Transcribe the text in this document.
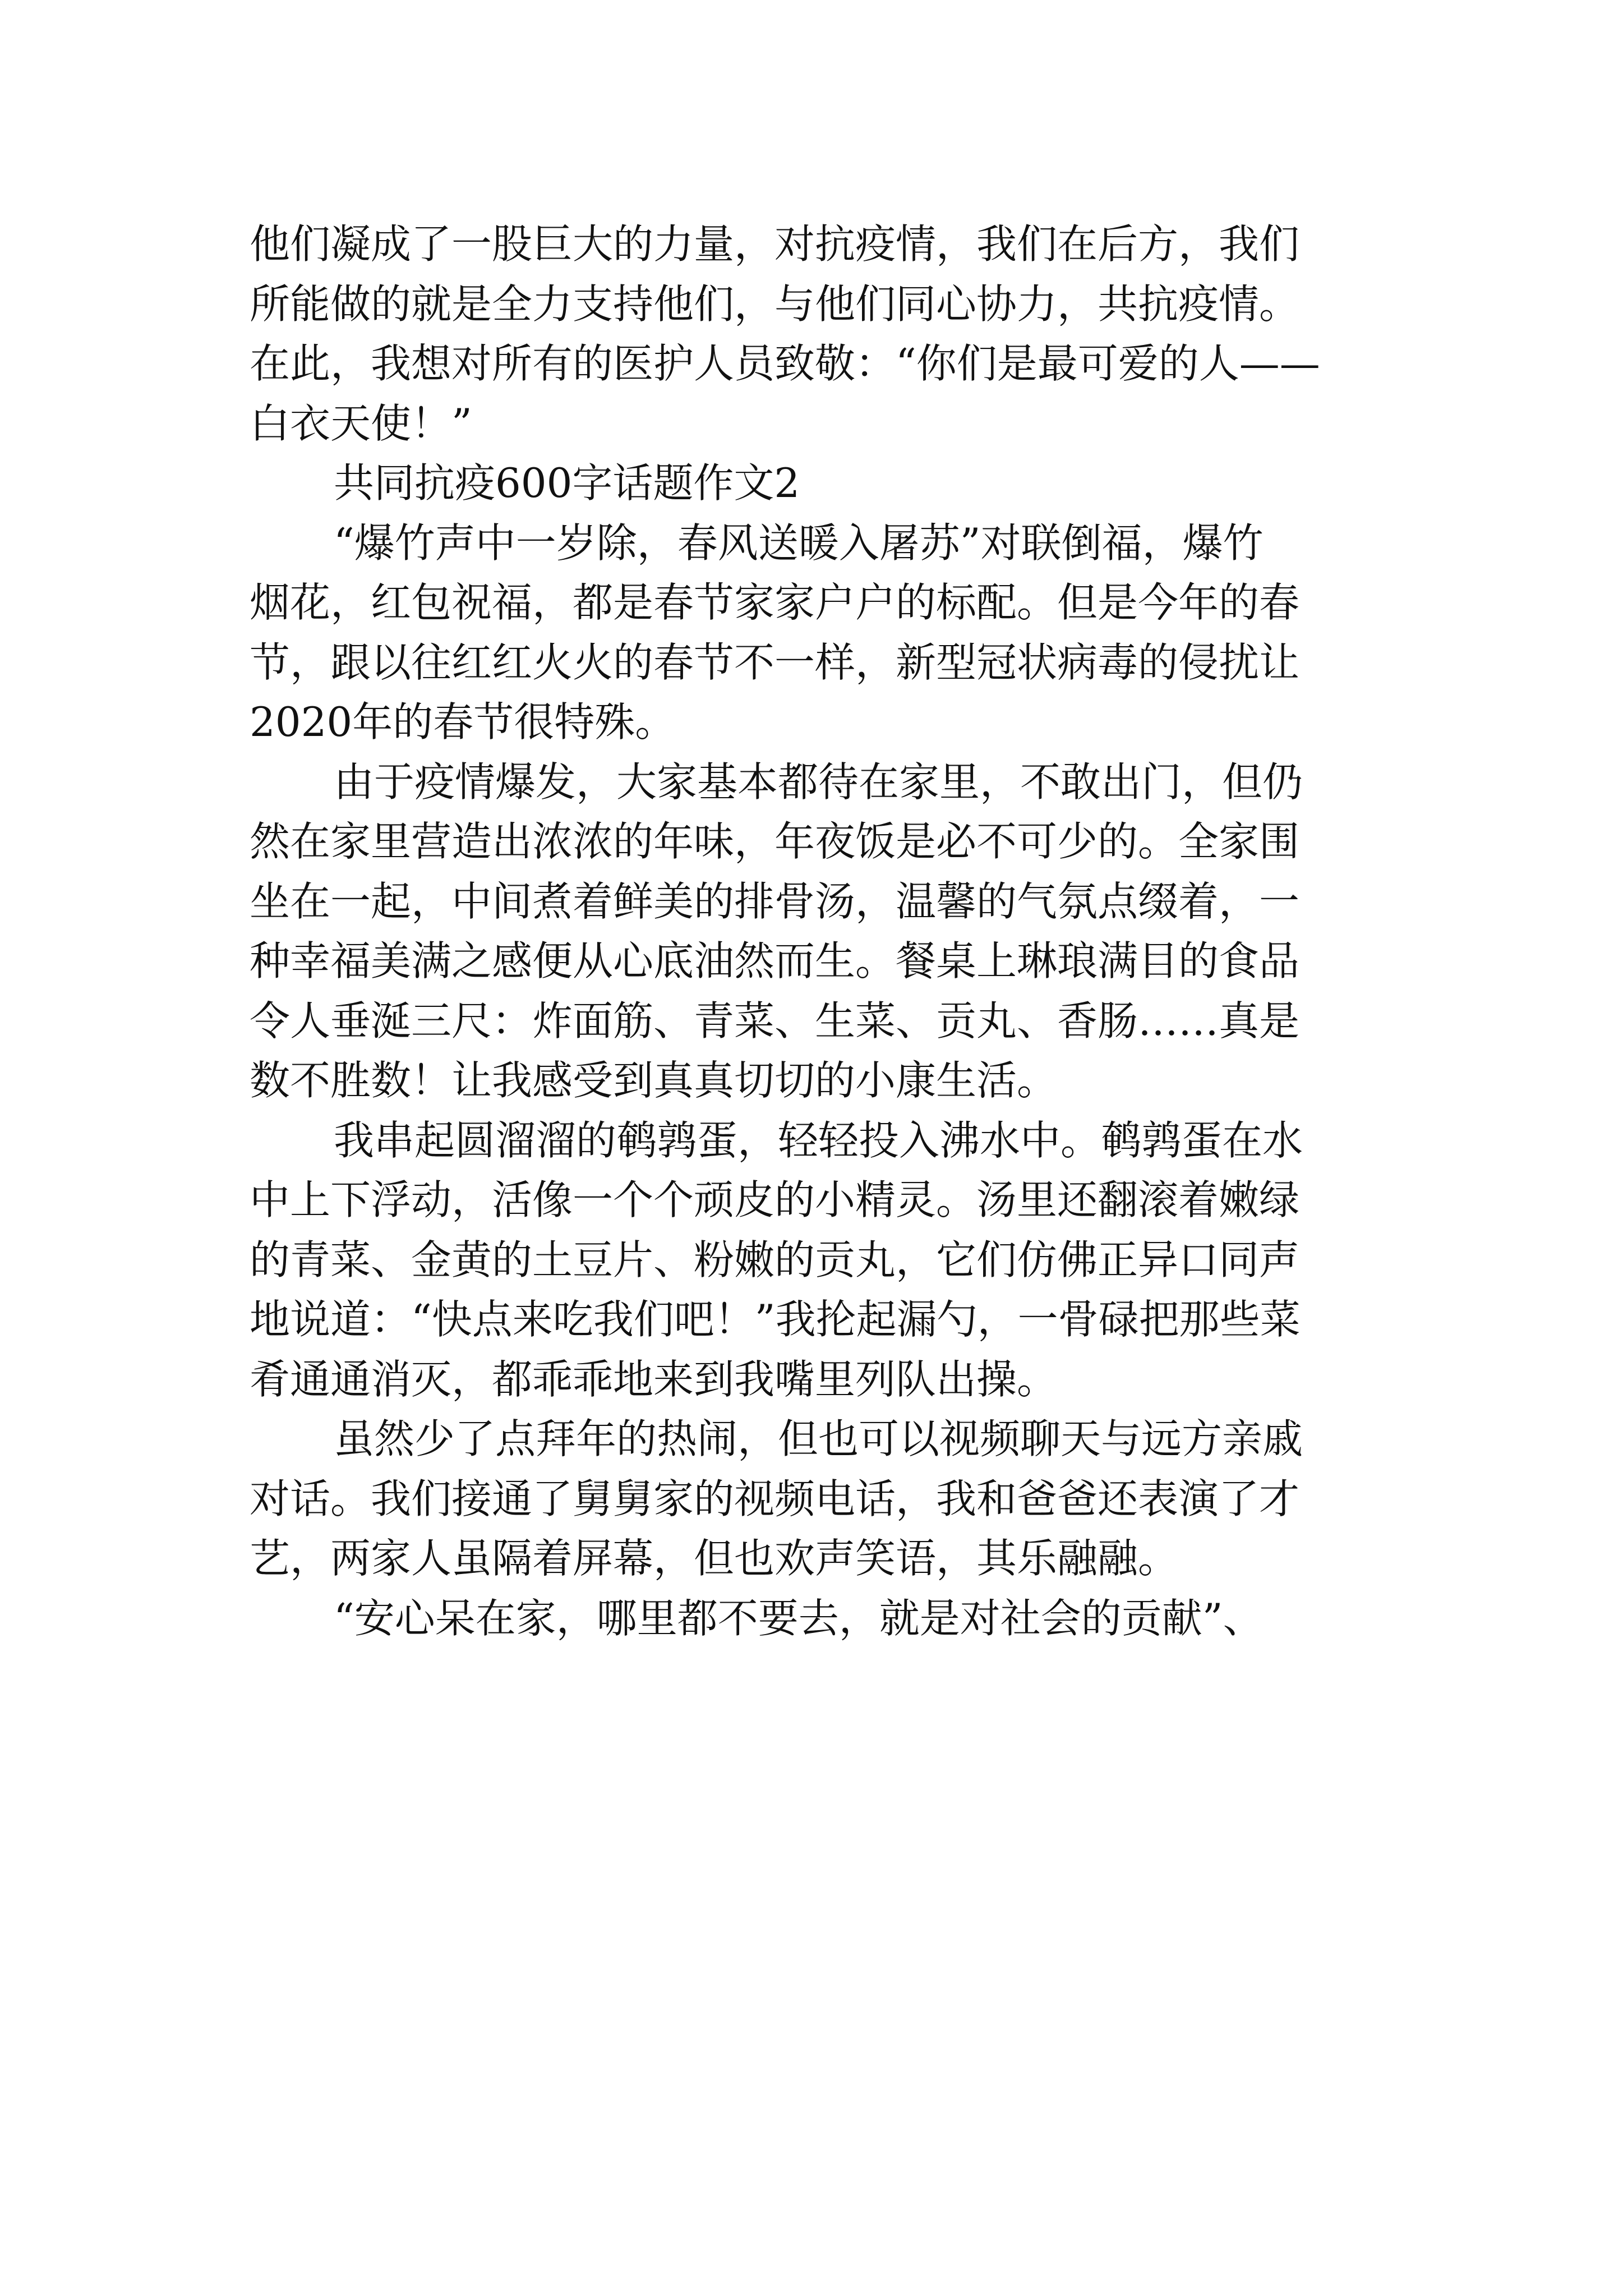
他们凝成了一股巨大的力量，对抗疫情，我们在后方，我们
所能做的就是全力支持他们，与他们同心协力，共抗疫情。
在此，我想对所有的医护人员致敬：“你们是最可爱的人——
白衣天使！”
共同抗疫600字话题作文2
“爆竹声中一岁除，春风送暖入屠苏”对联倒福，爆竹
烟花，红包祝福，都是春节家家户户的标配。但是今年的春
节，跟以往红红火火的春节不一样，新型冠状病毒的侵扰让
2020年的春节很特殊。
由于疫情爆发，大家基本都待在家里，不敢出门，但仍
然在家里营造出浓浓的年味，年夜饭是必不可少的。全家围
坐在一起，中间煮着鲜美的排骨汤，温馨的气氛点缀着，一
种幸福美满之感便从心底油然而生。餐桌上琳琅满目的食品
令人垂涎三尺：炸面筋、青菜、生菜、贡丸、香肠……真是
数不胜数！让我感受到真真切切的小康生活。
我串起圆溜溜的鹌鹑蛋，轻轻投入沸水中。鹌鹑蛋在水
中上下浮动，活像一个个顽皮的小精灵。汤里还翻滚着嫩绿
的青菜、金黄的土豆片、粉嫩的贡丸，它们仿佛正异口同声
地说道：“快点来吃我们吧！”我抡起漏勺，一骨碌把那些菜
肴通通消灭，都乖乖地来到我嘴里列队出操。
虽然少了点拜年的热闹，但也可以视频聊天与远方亲戚
对话。我们接通了舅舅家的视频电话，我和爸爸还表演了才
艺，两家人虽隔着屏幕，但也欢声笑语，其乐融融。
“安心呆在家，哪里都不要去，就是对社会的贡献”、
